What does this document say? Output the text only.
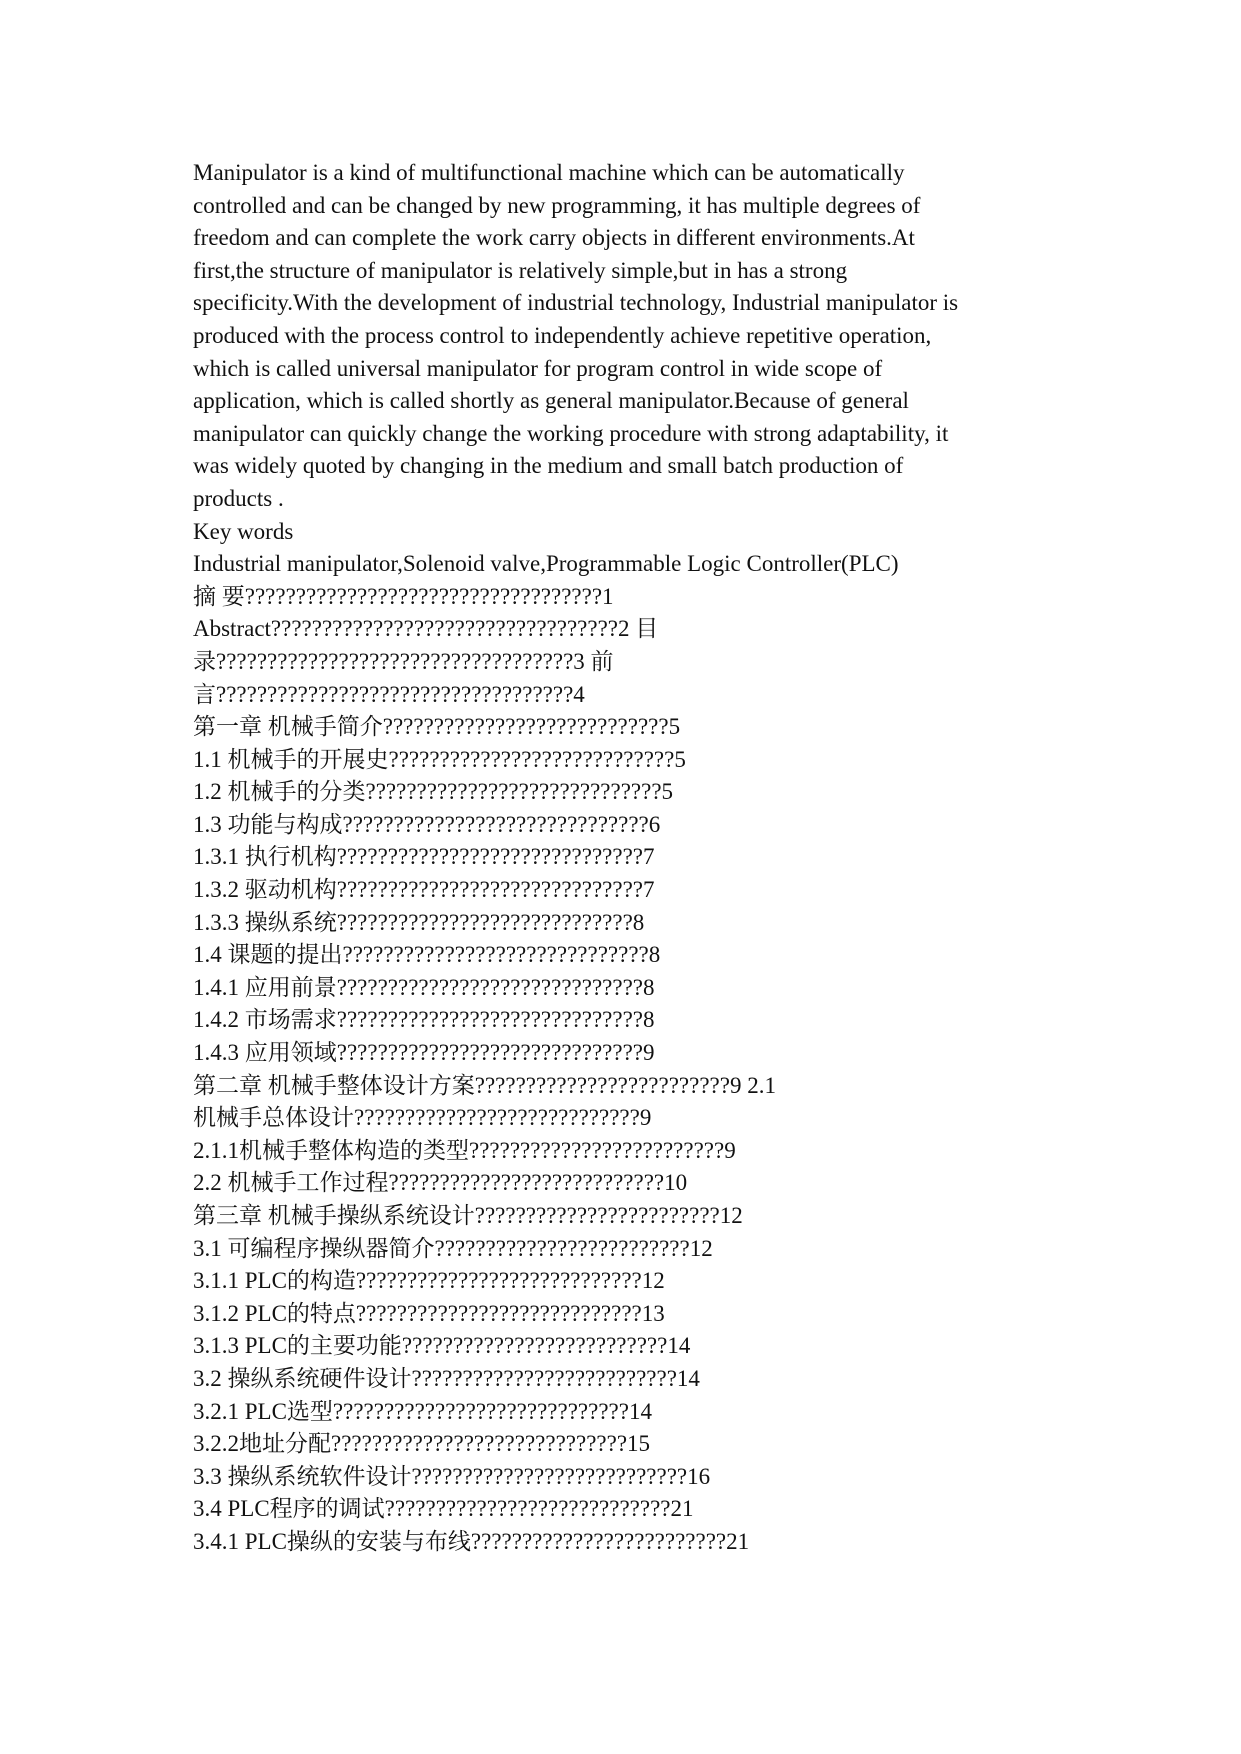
Manipulator is a kind of multifunctional machine which can be automatically
controlled and can be changed by new programming, it has multiple degrees of
freedom and can complete the work carry objects in different environments.At
first,the structure of manipulator is relatively simple,but in has a strong
specificity.With the development of industrial technology, Industrial manipulator is
produced with the process control to independently achieve repetitive operation,
which is called universal manipulator for program control in wide scope of
application, which is called shortly as general manipulator.Because of general
manipulator can quickly change the working procedure with strong adaptability, it
was widely quoted by changing in the medium and small batch production of
products .
Key words
Industrial manipulator,Solenoid valve,Programmable Logic Controller(PLC)
摘 要???????????????????????????????????1
Abstract??????????????????????????????????2 目
录???????????????????????????????????3 前
言???????????????????????????????????4
第一章 机械手简介????????????????????????????5
1.1 机械手的开展史????????????????????????????5
1.2 机械手的分类?????????????????????????????5
1.3 功能与构成??????????????????????????????6
1.3.1 执行机构??????????????????????????????7
1.3.2 驱动机构??????????????????????????????7
1.3.3 操纵系统?????????????????????????????8
1.4 课题的提出??????????????????????????????8
1.4.1 应用前景??????????????????????????????8
1.4.2 市场需求??????????????????????????????8
1.4.3 应用领域??????????????????????????????9
第二章 机械手整体设计方案?????????????????????????9 2.1
机械手总体设计????????????????????????????9
2.1.1机械手整体构造的类型?????????????????????????9
2.2 机械手工作过程???????????????????????????10
第三章 机械手操纵系统设计????????????????????????12
3.1 可编程序操纵器简介?????????????????????????12
3.1.1 PLC的构造????????????????????????????12
3.1.2 PLC的特点????????????????????????????13
3.1.3 PLC的主要功能??????????????????????????14
3.2 操纵系统硬件设计??????????????????????????14
3.2.1 PLC选型?????????????????????????????14
3.2.2地址分配?????????????????????????????15
3.3 操纵系统软件设计???????????????????????????16
3.4 PLC程序的调试????????????????????????????21
3.4.1 PLC操纵的安装与布线?????????????????????????21
